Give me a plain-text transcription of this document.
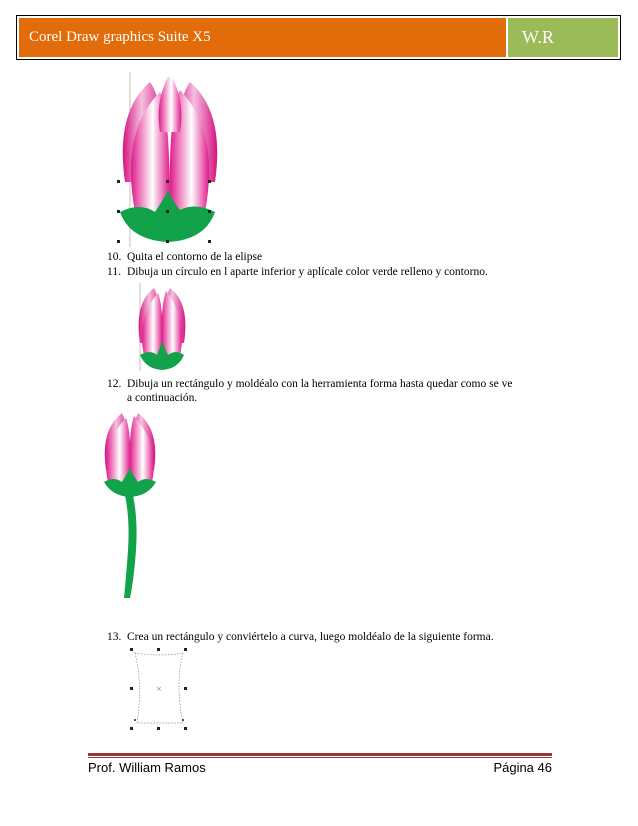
Corel Draw graphics Suite X5	W.R
10. Quita el contorno de la elipse
11. Dibuja un círculo en l aparte inferior y aplícale color verde relleno y contorno.
12. Dibuja un rectángulo y moldéalo con la herramienta forma hasta quedar como se ve
a continuación.
13. Crea un rectángulo y conviértelo a curva, luego moldéalo de la siguiente forma.
×
Prof. William Ramos	Página 46
